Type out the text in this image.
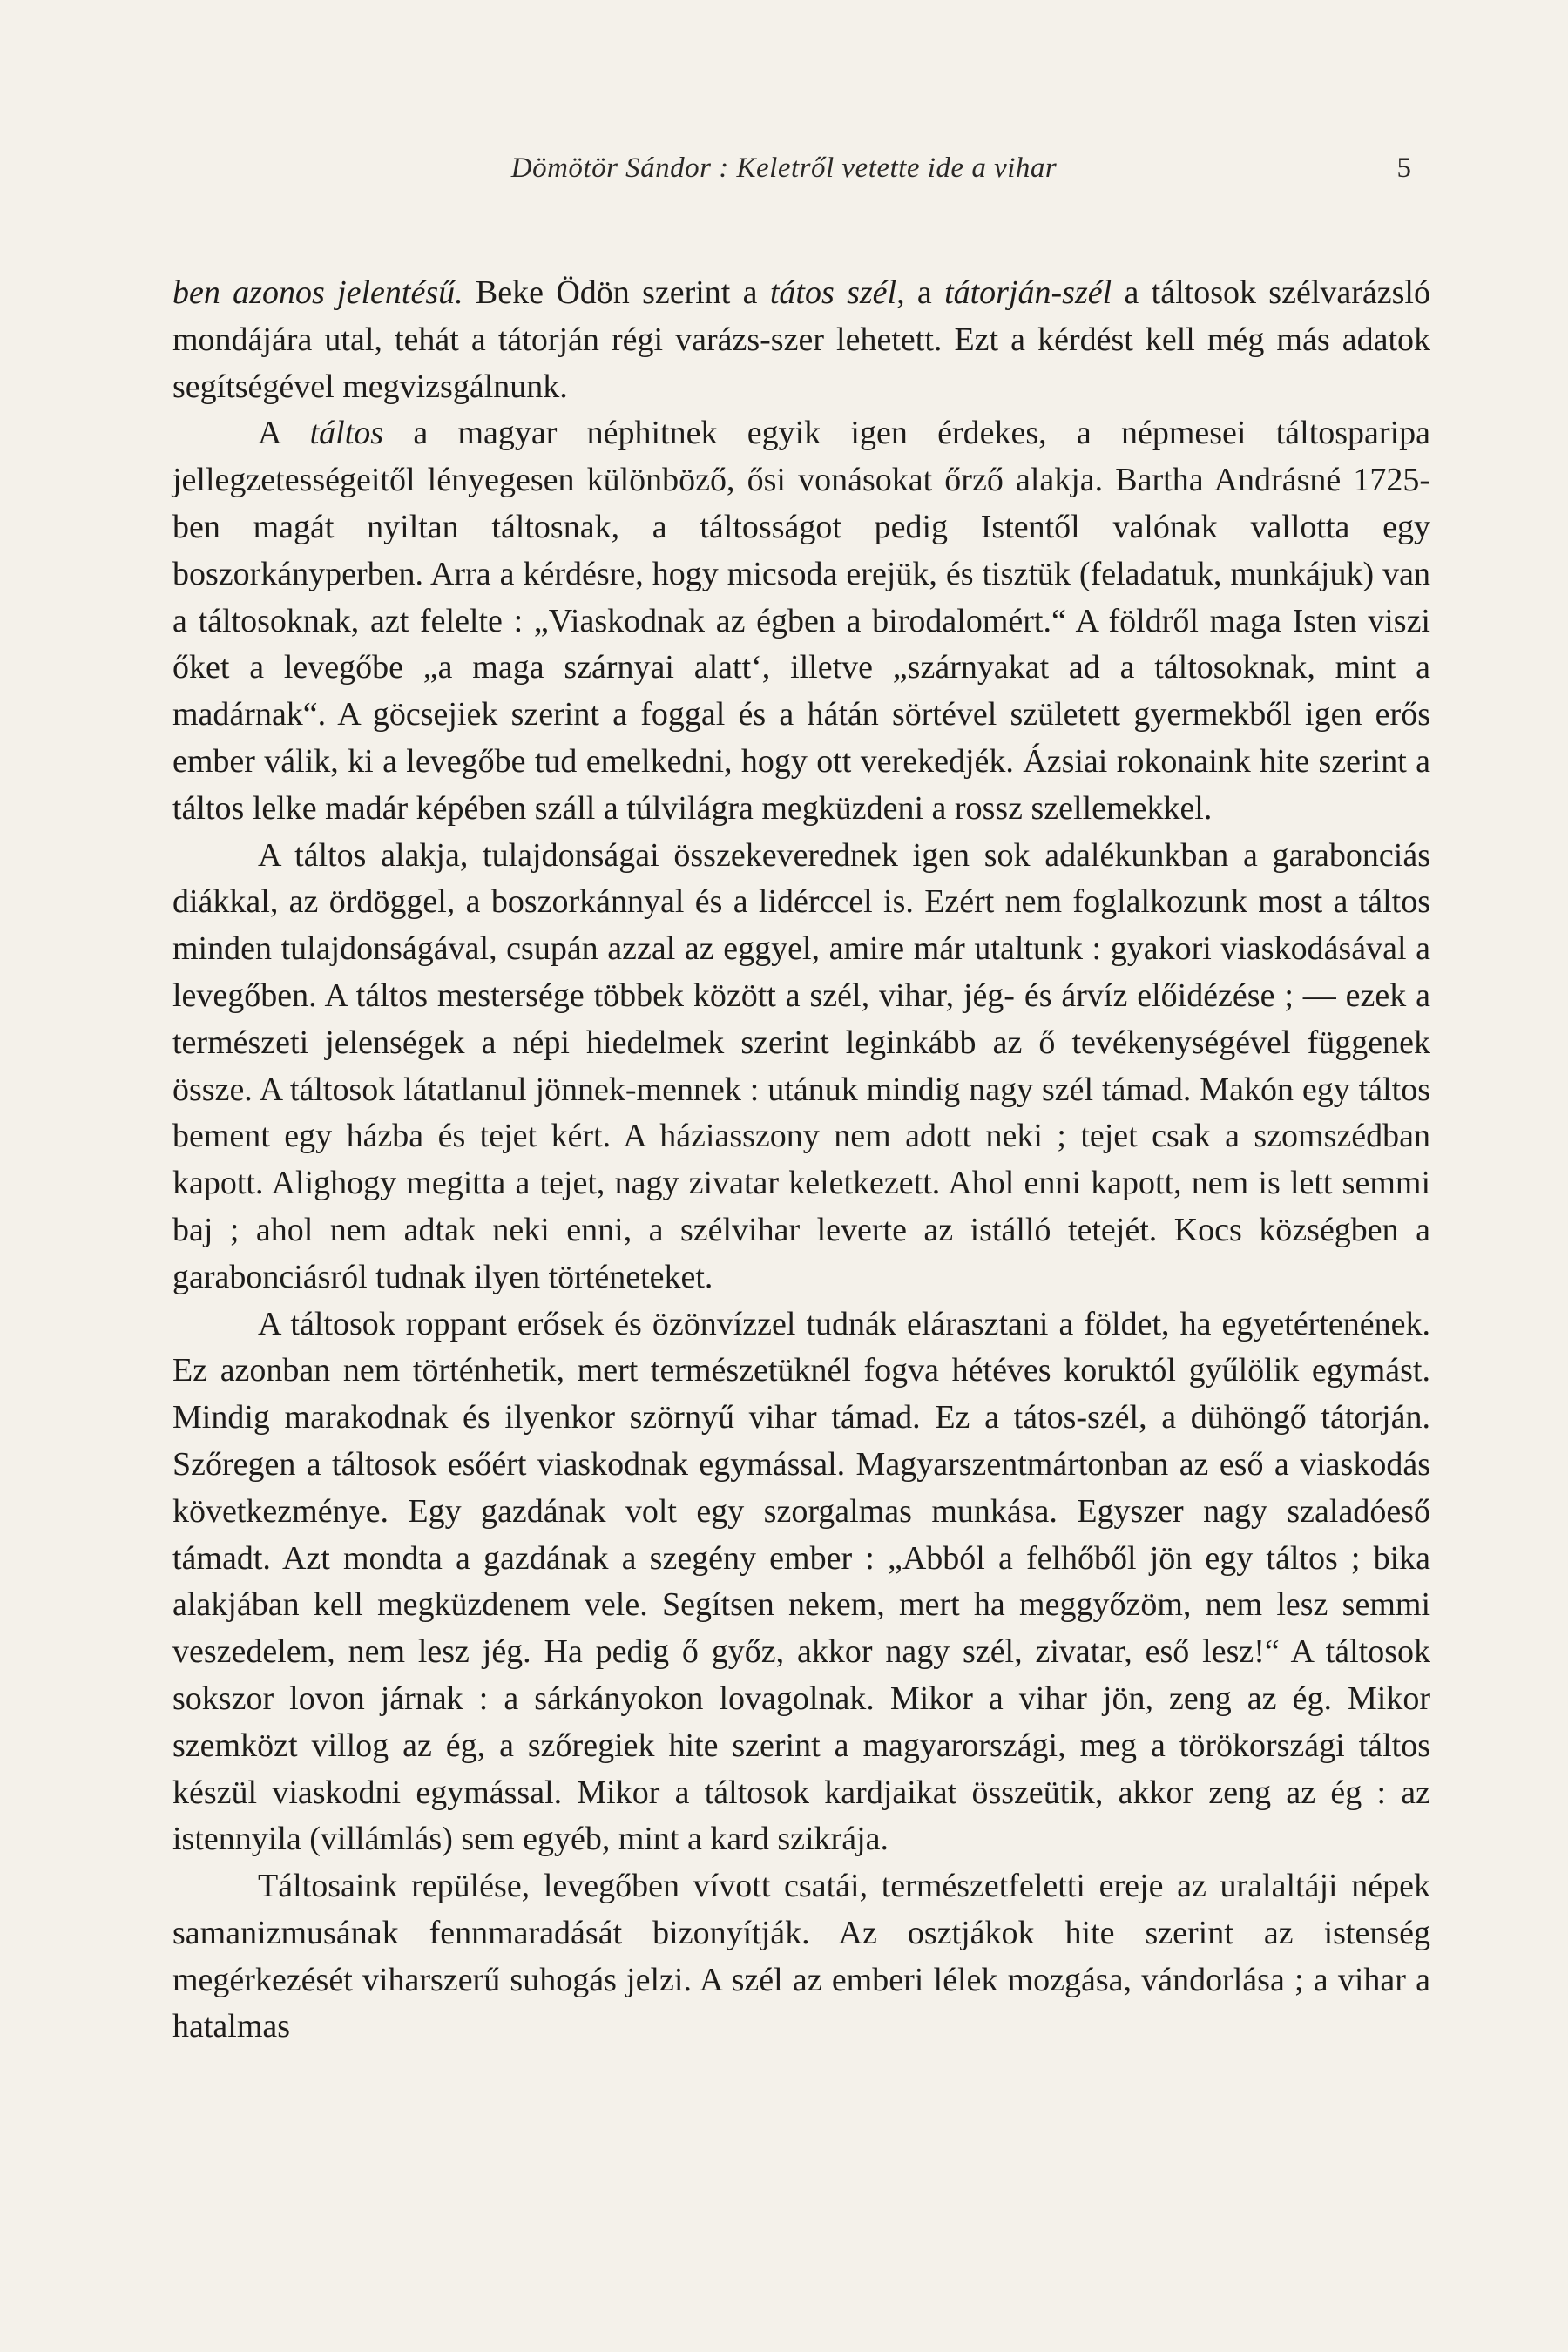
Dömötör Sándor : Keletről vetette ide a vihar	5

ben azonos jelentésű. Beke Ödön szerint a tátos szél, a tátorján-szél a táltosok szélvarázsló mondájára utal, tehát a tátorján régi varázs-szer lehetett. Ezt a kérdést kell még más adatok segítségével megvizsgálnunk.

A táltos a magyar néphitnek egyik igen érdekes, a népmesei táltosparipa jellegzetességeitől lényegesen különböző, ősi vonásokat őrző alakja. Bartha Andrásné 1725-ben magát nyiltan táltosnak, a táltosságot pedig Istentől valónak vallotta egy boszorkányperben. Arra a kérdésre, hogy micsoda erejük, és tisztük (feladatuk, munkájuk) van a táltosoknak, azt felelte : „Viaskodnak az égben a birodalomért.“ A földről maga Isten viszi őket a levegőbe „a maga szárnyai alatt‘, illetve „szárnyakat ad a táltosoknak, mint a madárnak“. A göcsejiek szerint a foggal és a hátán sörtével született gyermekből igen erős ember válik, ki a levegőbe tud emelkedni, hogy ott verekedjék. Ázsiai rokonaink hite szerint a táltos lelke madár képében száll a túlvilágra megküzdeni a rossz szellemekkel.

A táltos alakja, tulajdonságai összekeverednek igen sok adalékunkban a garabonciás diákkal, az ördöggel, a boszorkánnyal és a lidérccel is. Ezért nem foglalkozunk most a táltos minden tulajdonságával, csupán azzal az eggyel, amire már utaltunk : gyakori viaskodásával a levegőben. A táltos mestersége többek között a szél, vihar, jég- és árvíz előidézése ; — ezek a természeti jelenségek a népi hiedelmek szerint leginkább az ő tevékenységével függenek össze. A táltosok látatlanul jönnek-mennek : utánuk mindig nagy szél támad. Makón egy táltos bement egy házba és tejet kért. A háziasszony nem adott neki ; tejet csak a szomszédban kapott. Alighogy megitta a tejet, nagy zivatar keletkezett. Ahol enni kapott, nem is lett semmi baj ; ahol nem adtak neki enni, a szélvihar leverte az istálló tetejét. Kocs községben a garabonciásról tudnak ilyen történeteket.

A táltosok roppant erősek és özönvízzel tudnák elárasztani a földet, ha egyetértenének. Ez azonban nem történhetik, mert természetüknél fogva hétéves koruktól gyűlölik egymást. Mindig marakodnak és ilyenkor szörnyű vihar támad. Ez a tátos-szél, a dühöngő tátorján. Szőregen a táltosok esőért viaskodnak egymással. Magyarszentmártonban az eső a viaskodás következménye. Egy gazdának volt egy szorgalmas munkása. Egyszer nagy szaladóeső támadt. Azt mondta a gazdának a szegény ember : „Abból a felhőből jön egy táltos ; bika alakjában kell megküzdenem vele. Segítsen nekem, mert ha meggyőzöm, nem lesz semmi veszedelem, nem lesz jég. Ha pedig ő győz, akkor nagy szél, zivatar, eső lesz!“ A táltosok sokszor lovon járnak : a sárkányokon lovagolnak. Mikor a vihar jön, zeng az ég. Mikor szemközt villog az ég, a szőregiek hite szerint a magyarországi, meg a törökországi táltos készül viaskodni egymással. Mikor a táltosok kardjaikat összeütik, akkor zeng az ég : az istennyila (villámlás) sem egyéb, mint a kard szikrája.

Táltosaink repülése, levegőben vívott csatái, természetfeletti ereje az uralaltáji népek samanizmusának fennmaradását bizonyítják. Az osztjákok hite szerint az istenség megérkezését viharszerű suhogás jelzi. A szél az emberi lélek mozgása, vándorlása ; a vihar a hatalmas
